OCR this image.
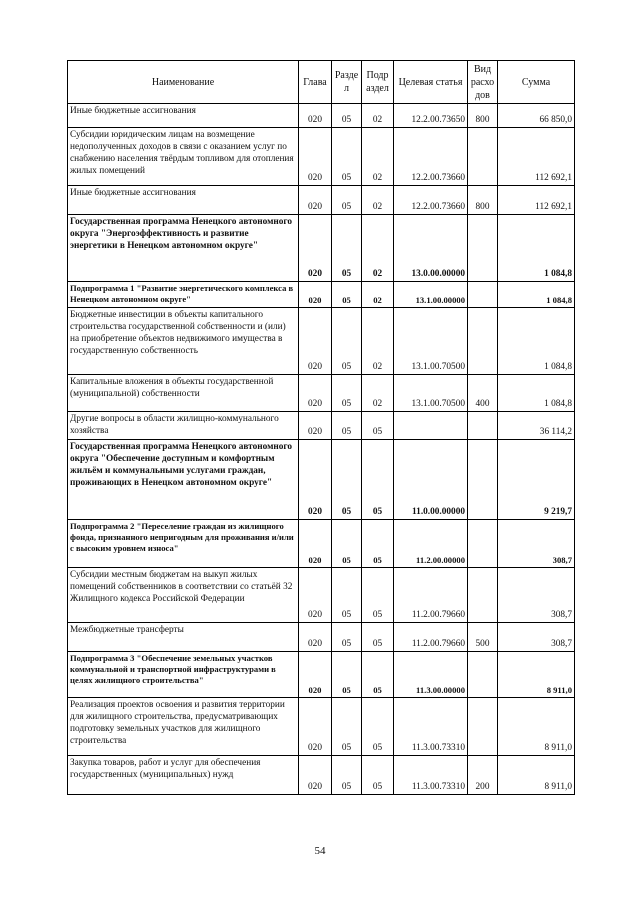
Наименование	Глава	Разде л	Подр аздел	Целевая статья	Вид расхо дов	Сумма
Иные бюджетные ассигнования	020	05	02	12.2.00.73650	800	66 850,0
Субсидии юридическим лицам на возмещение недополученных доходов в связи с оказанием услуг по снабжению населения твёрдым топливом для отопления жилых помещений	020	05	02	12.2.00.73660		112 692,1
Иные бюджетные ассигнования	020	05	02	12.2.00.73660	800	112 692,1
Государственная программа Ненецкого автономного округа "Энергоэффективность и развитие энергетики в Ненецком автономном округе"	020	05	02	13.0.00.00000		1 084,8
Подпрограмма 1 "Развитие энергетического комплекса в Ненецком автономном округе"	020	05	02	13.1.00.00000		1 084,8
Бюджетные инвестиции в объекты капитального строительства государственной собственности и (или) на приобретение объектов недвижимого имущества в государственную собственность	020	05	02	13.1.00.70500		1 084,8
Капитальные вложения в объекты государственной (муниципальной) собственности	020	05	02	13.1.00.70500	400	1 084,8
Другие вопросы в области жилищно-коммунального хозяйства	020	05	05			36 114,2
Государственная программа Ненецкого автономного округа "Обеспечение доступным и комфортным жильём и коммунальными услугами граждан, проживающих в Ненецком автономном округе"	020	05	05	11.0.00.00000		9 219,7
Подпрограмма 2 "Переселение граждан из жилищного фонда, признанного непригодным для проживания и/или с высоким уровнем износа"	020	05	05	11.2.00.00000		308,7
Субсидии местным бюджетам на выкуп жилых помещений собственников в соответствии со статьёй 32 Жилищного кодекса Российской Федерации	020	05	05	11.2.00.79660		308,7
Межбюджетные трансферты	020	05	05	11.2.00.79660	500	308,7
Подпрограмма 3 "Обеспечение земельных участков коммунальной и транспортной инфраструктурами в целях жилищного строительства"	020	05	05	11.3.00.00000		8 911,0
Реализация проектов освоения и развития территории для жилищного строительства, предусматривающих подготовку земельных участков для жилищного строительства	020	05	05	11.3.00.73310		8 911,0
Закупка товаров, работ и услуг для обеспечения государственных (муниципальных) нужд	020	05	05	11.3.00.73310	200	8 911,0
54
